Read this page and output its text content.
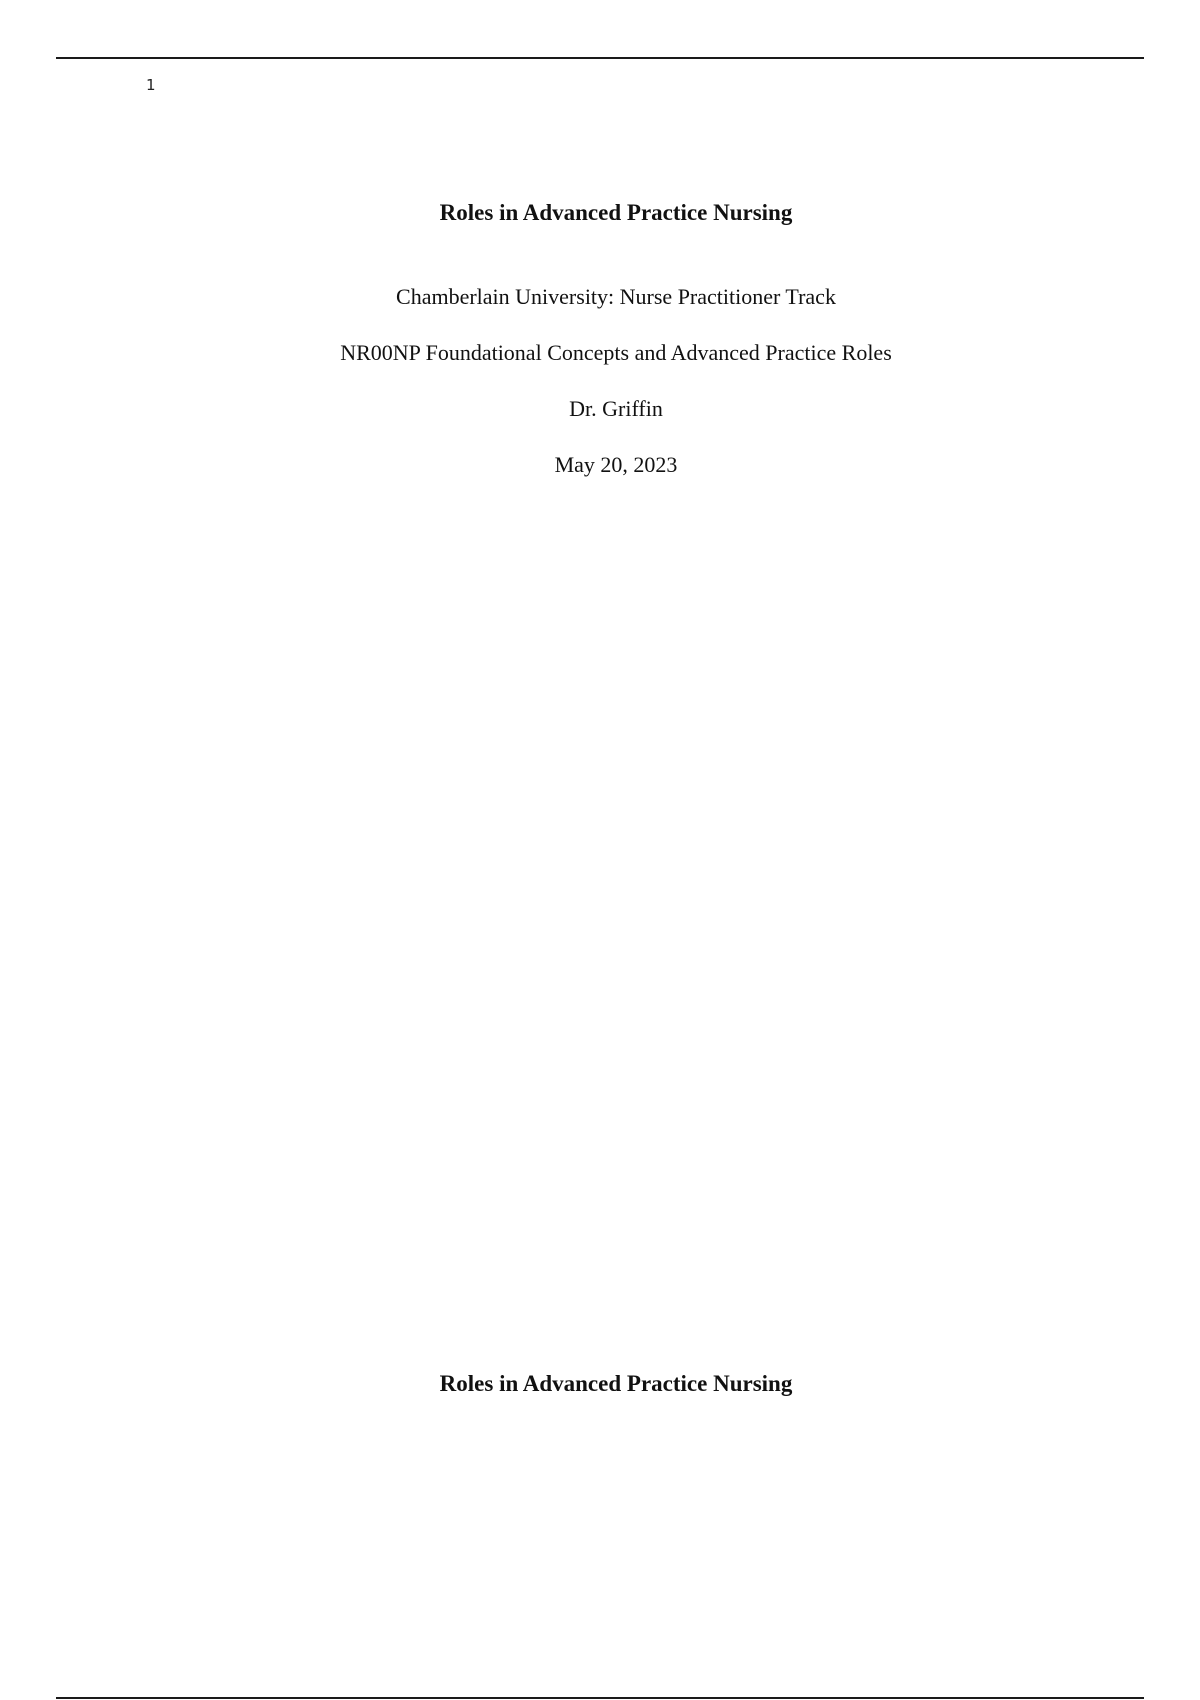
1
Roles in Advanced Practice Nursing
Chamberlain University: Nurse Practitioner Track
NR00NP Foundational Concepts and Advanced Practice Roles
Dr. Griffin
May 20, 2023
Roles in Advanced Practice Nursing
